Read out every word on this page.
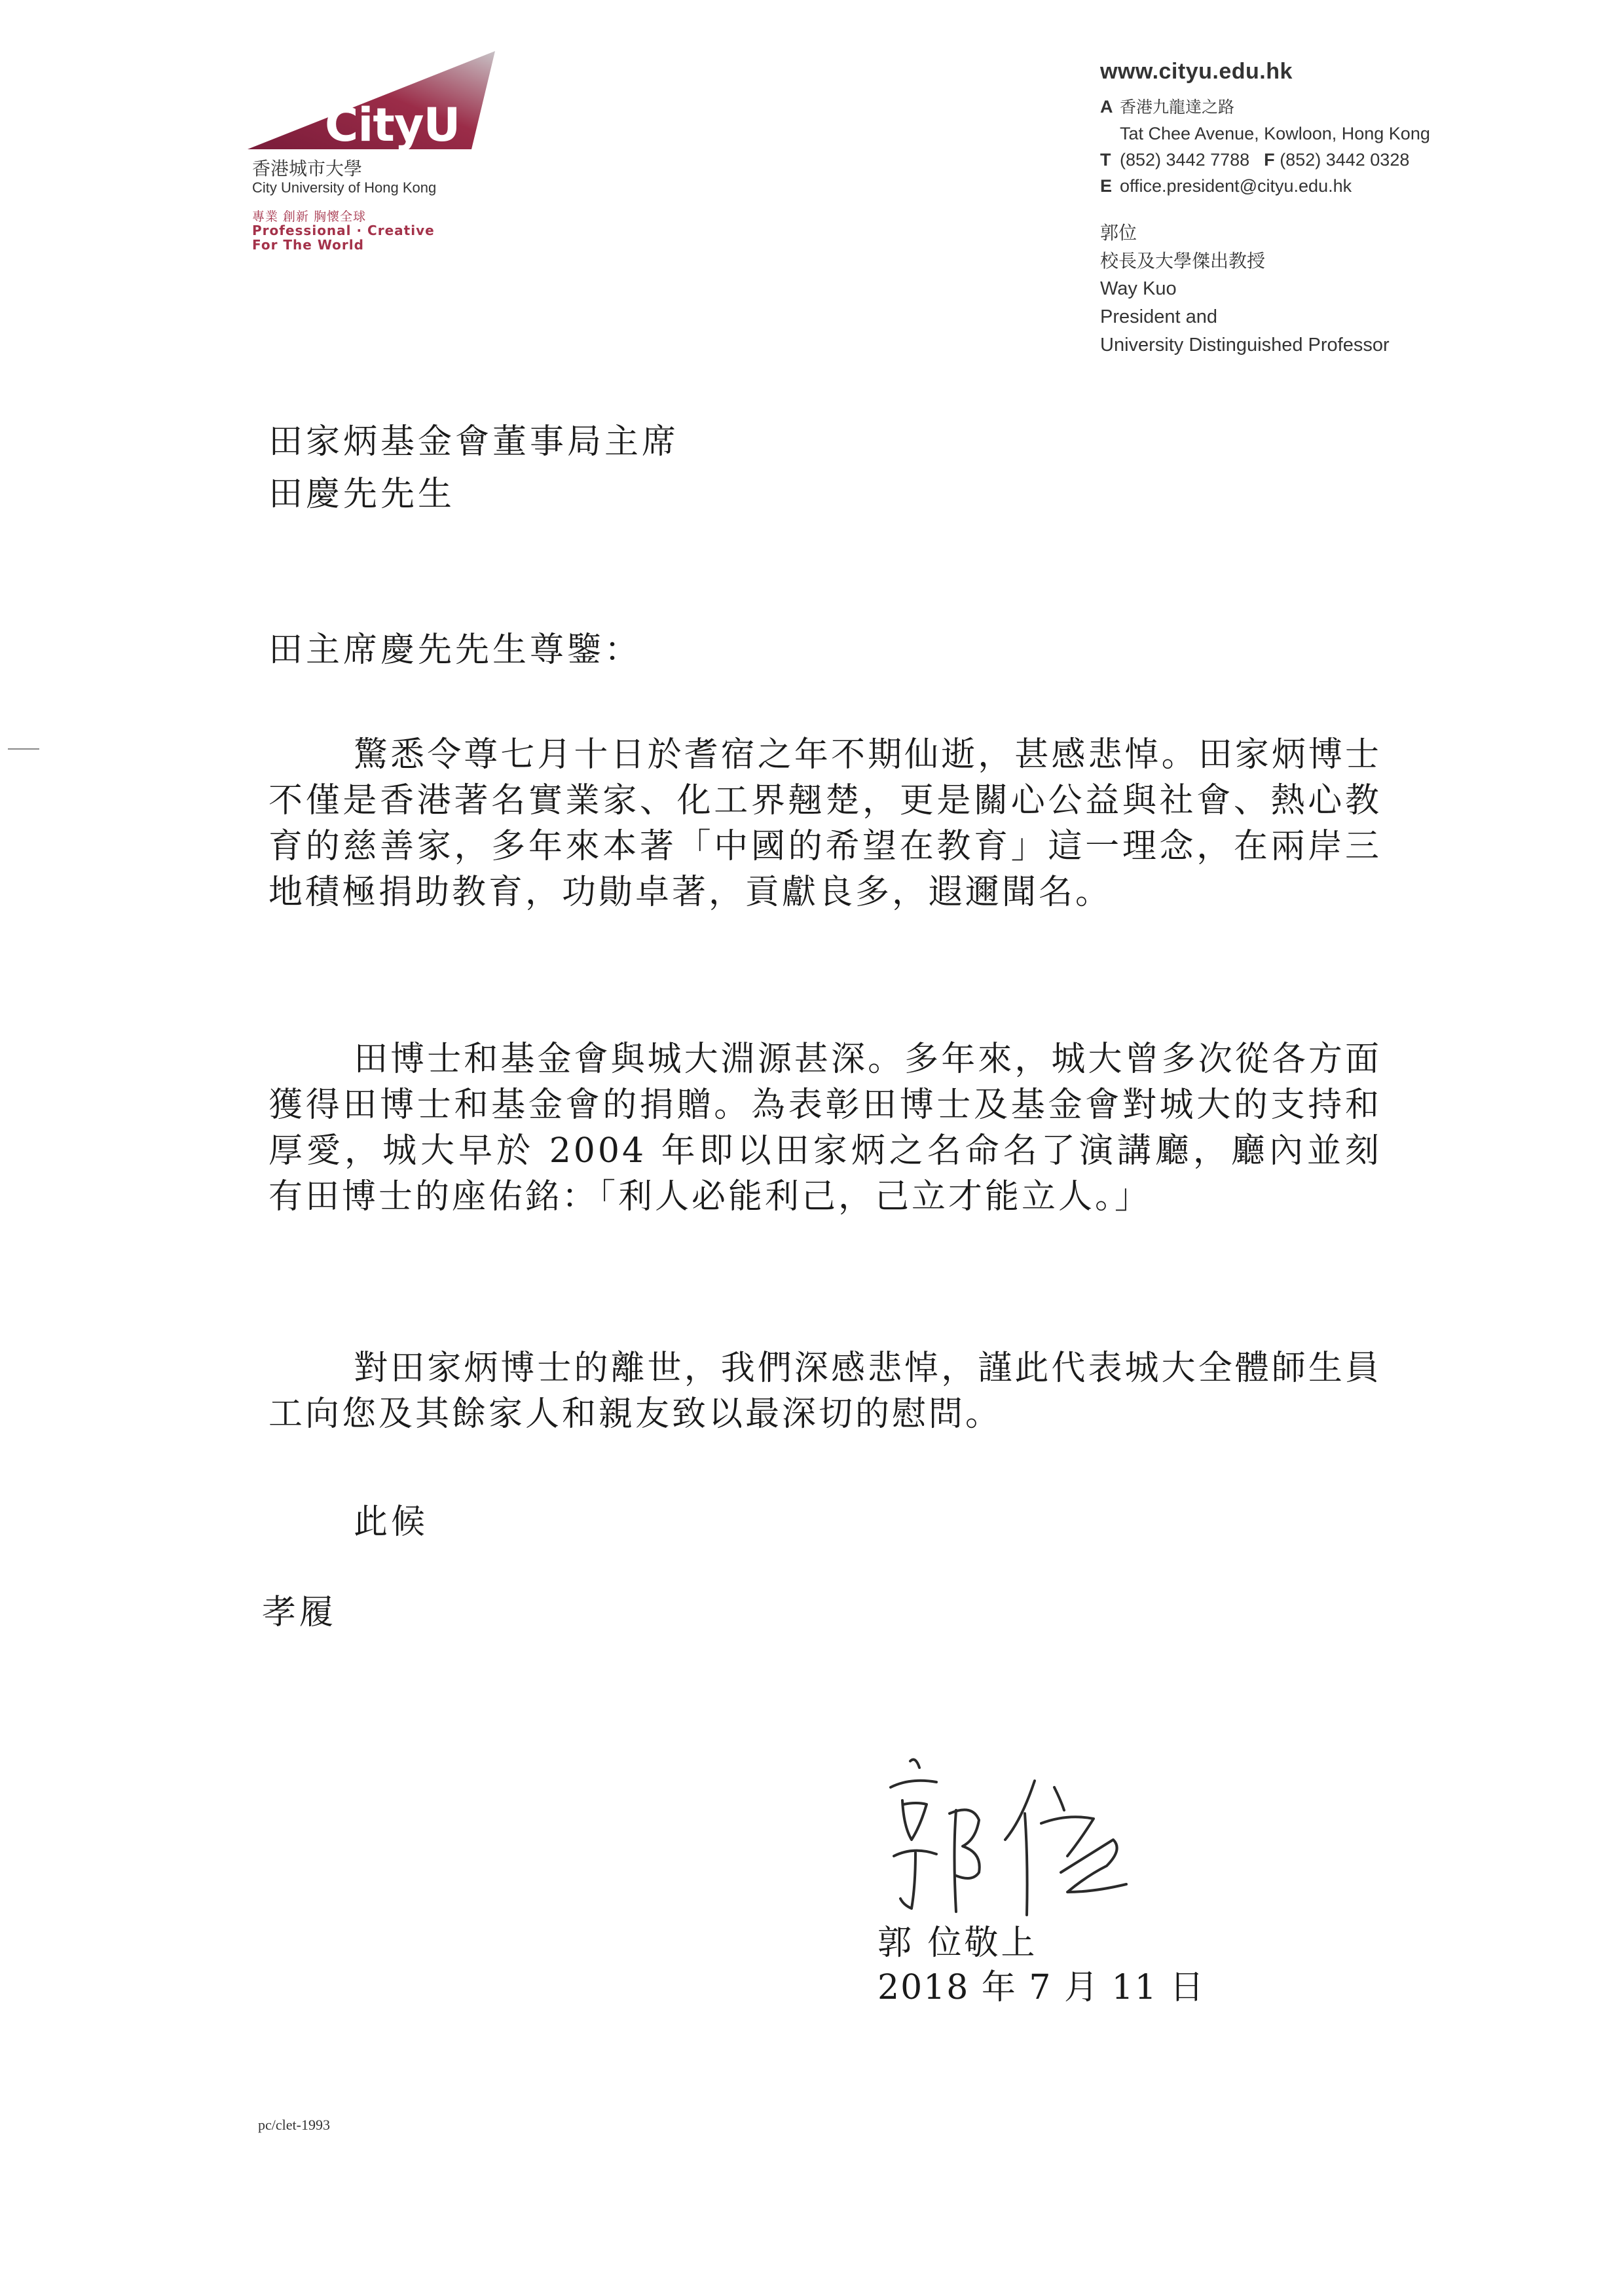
CityU
香港城市大學
City University of Hong Kong
專業 創新 胸懷全球
Professional · Creative
For The World
www.cityu.edu.hk
A 香港九龍達之路
Tat Chee Avenue, Kowloon, Hong Kong
T (852) 3442 7788 F (852) 3442 0328
E office.president@cityu.edu.hk
郭位
校長及大學傑出教授
Way Kuo
President and
University Distinguished Professor
田家炳基金會董事局主席
田慶先先生
田主席慶先先生尊鑒：
驚悉令尊七月十日於耆宿之年不期仙逝，甚感悲悼。田家炳博士不僅是香港著名實業家、化工界翹楚，更是關心公益與社會、熱心教育的慈善家，多年來本著「中國的希望在教育」這一理念，在兩岸三地積極捐助教育，功勛卓著，貢獻良多，遐邇聞名。
田博士和基金會與城大淵源甚深。多年來，城大曾多次從各方面獲得田博士和基金會的捐贈。為表彰田博士及基金會對城大的支持和厚愛，城大早於 2004 年即以田家炳之名命名了演講廳，廳內並刻有田博士的座佑銘：「利人必能利己，己立才能立人。」
對田家炳博士的離世，我們深感悲悼，謹此代表城大全體師生員工向您及其餘家人和親友致以最深切的慰問。
此候
孝履
郭 位敬上
2018 年 7 月 11 日
pc/clet-1993
